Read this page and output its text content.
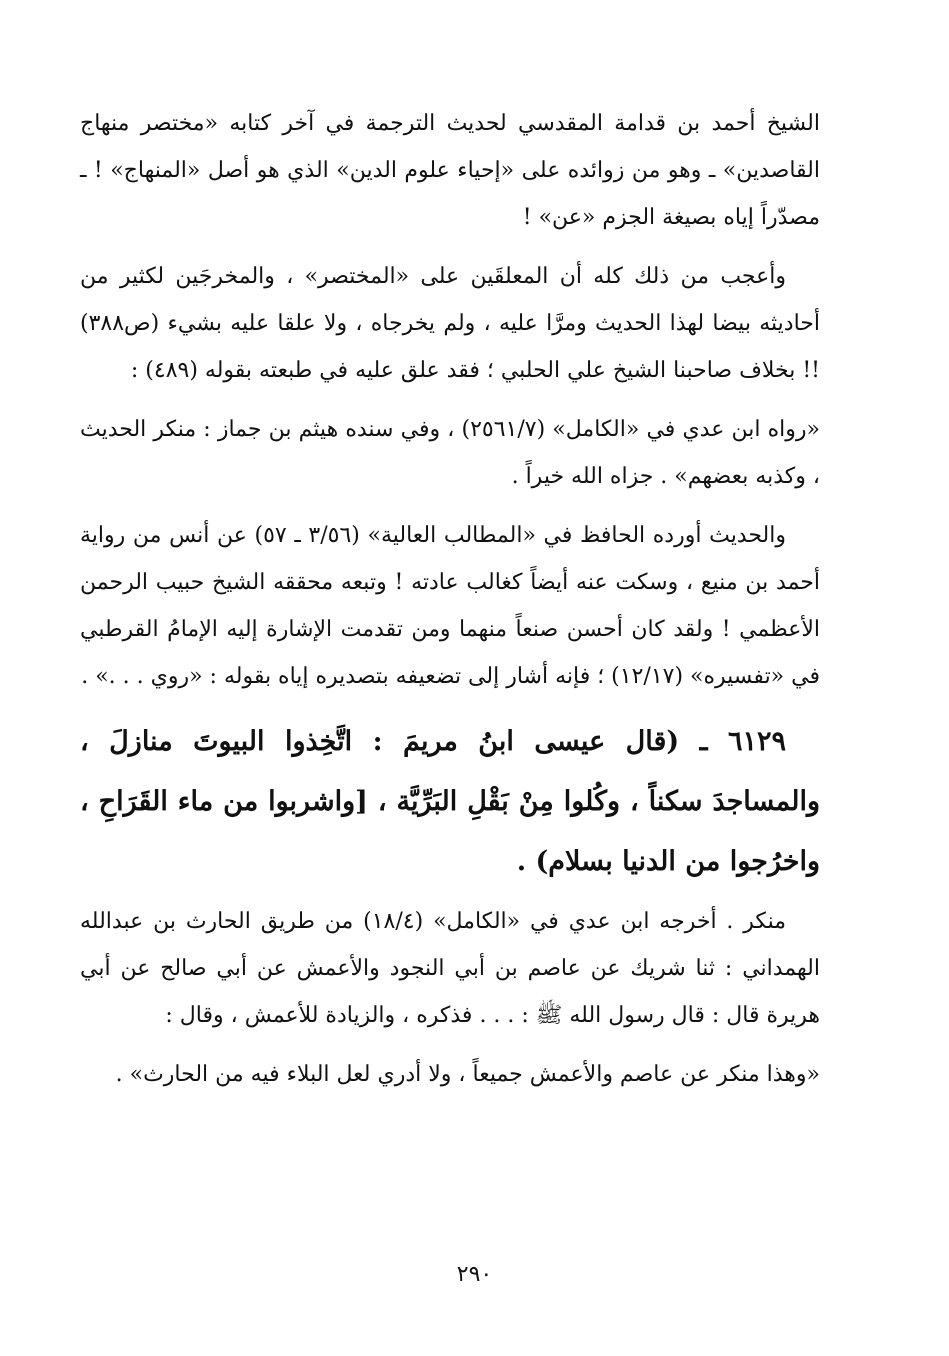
الشيخ أحمد بن قدامة المقدسي لحديث الترجمة في آخر كتابه «مختصر منهاج القاصدين» ـ وهو من زوائده على «إحياء علوم الدين» الذي هو أصل «المنهاج» ! ـ مصدّراً إياه بصيغة الجزم «عن» !

وأعجب من ذلك كله أن المعلقَين على «المختصر» ، والمخرجَين لكثير من أحاديثه بيضا لهذا الحديث ومرَّا عليه ، ولم يخرجاه ، ولا علقا عليه بشيء (ص٣٨٨) !! بخلاف صاحبنا الشيخ علي الحلبي ؛ فقد علق عليه في طبعته بقوله (٤٨٩) :

«رواه ابن عدي في «الكامل» (٢٥٦١/٧) ، وفي سنده هيثم بن جماز : منكر الحديث ، وكذبه بعضهم» . جزاه الله خيراً .

والحديث أورده الحافظ في «المطالب العالية» (٣/٥٦ ـ ٥٧) عن أنس من رواية أحمد بن منيع ، وسكت عنه أيضاً كغالب عادته ! وتبعه محققه الشيخ حبيب الرحمن الأعظمي ! ولقد كان أحسن صنعاً منهما ومن تقدمت الإشارة إليه الإمامُ القرطبي في «تفسيره» (١٢/١٧) ؛ فإنه أشار إلى تضعيفه بتصديره إياه بقوله : «روي . . .» .

٦١٢٩ ـ (قال عيسى ابنُ مريمَ : اتَّخِذوا البيوتَ منازلَ ، والمساجدَ سكناً ، وكُلوا مِنْ بَقْلِ البَرِّيَّة ، [واشربوا من ماء القَرَاحِ ، واخرُجوا من الدنيا بسلام) .

منكر . أخرجه ابن عدي في «الكامل» (١٨/٤) من طريق الحارث بن عبدالله الهمداني : ثنا شريك عن عاصم بن أبي النجود والأعمش عن أبي صالح عن أبي هريرة قال : قال رسول الله ﷺ : . . . فذكره ، والزيادة للأعمش ، وقال :

«وهذا منكر عن عاصم والأعمش جميعاً ، ولا أدري لعل البلاء فيه من الحارث» .

٢٩٠
